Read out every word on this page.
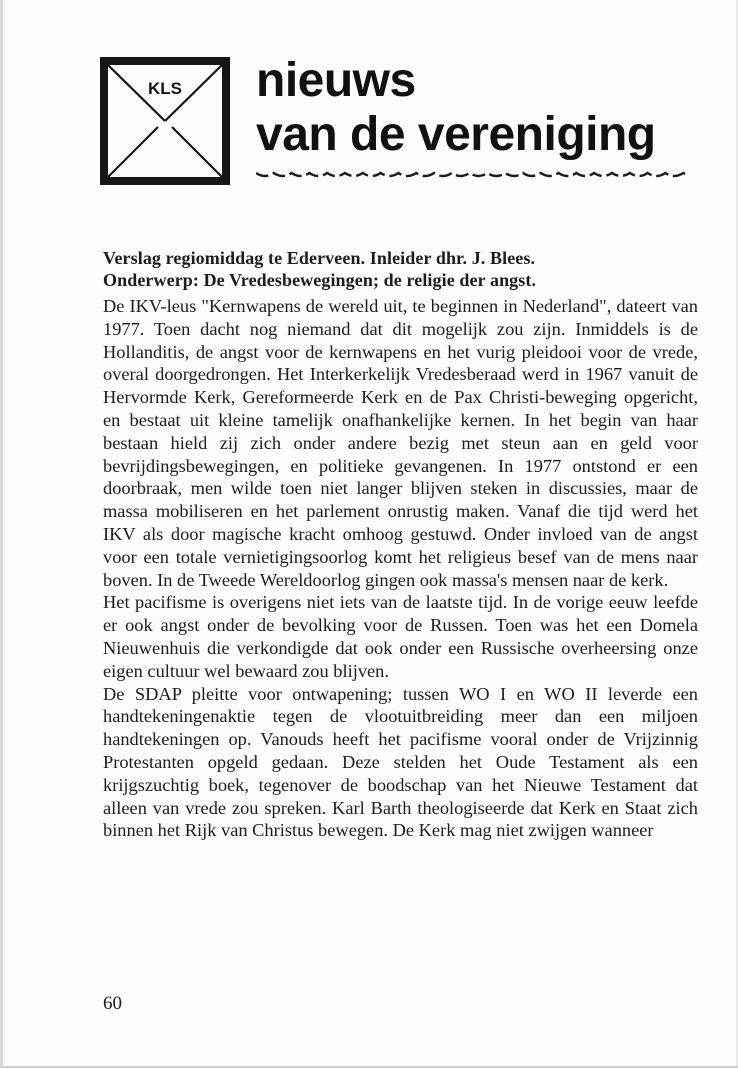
KLS nieuws
van de vereniging

Verslag regiomiddag te Ederveen. Inleider dhr. J. Blees.

Onderwerp: De Vredesbewegingen; de religie der angst.

De IKV-leus "Kernwapens de wereld uit, te beginnen in Nederland", dateert van 1977. Toen dacht nog niemand dat dit mogelijk zou zijn. Inmiddels is de Hollanditis, de angst voor de kernwapens en het vurig pleidooi voor de vrede, overal doorgedrongen. Het Interkerkelijk Vredesberaad werd in 1967 vanuit de Hervormde Kerk, Gereformeerde Kerk en de Pax Christi-beweging opgericht, en bestaat uit kleine tamelijk onafhankelijke kernen. In het begin van haar bestaan hield zij zich onder andere bezig met steun aan en geld voor bevrijdingsbewegingen, en politieke gevangenen. In 1977 ontstond er een doorbraak, men wilde toen niet langer blijven steken in discussies, maar de massa mobiliseren en het parlement onrustig maken. Vanaf die tijd werd het IKV als door magische kracht omhoog gestuwd. Onder invloed van de angst voor een totale vernietigingsoorlog komt het religieus besef van de mens naar boven. In de Tweede Wereldoorlog gingen ook massa's mensen naar de kerk.

Het pacifisme is overigens niet iets van de laatste tijd. In de vorige eeuw leefde er ook angst onder de bevolking voor de Russen. Toen was het een Domela Nieuwenhuis die verkondigde dat ook onder een Russische overheersing onze eigen cultuur wel bewaard zou blijven.

De SDAP pleitte voor ontwapening; tussen WO I en WO II leverde een handtekeningenaktie tegen de vlootuitbreiding meer dan een miljoen handtekeningen op. Vanouds heeft het pacifisme vooral onder de Vrijzinnig Protestanten opgeld gedaan. Deze stelden het Oude Testament als een krijgszuchtig boek, tegenover de boodschap van het Nieuwe Testament dat alleen van vrede zou spreken. Karl Barth theologiseerde dat Kerk en Staat zich binnen het Rijk van Christus bewegen. De Kerk mag niet zwijgen wanneer

60
